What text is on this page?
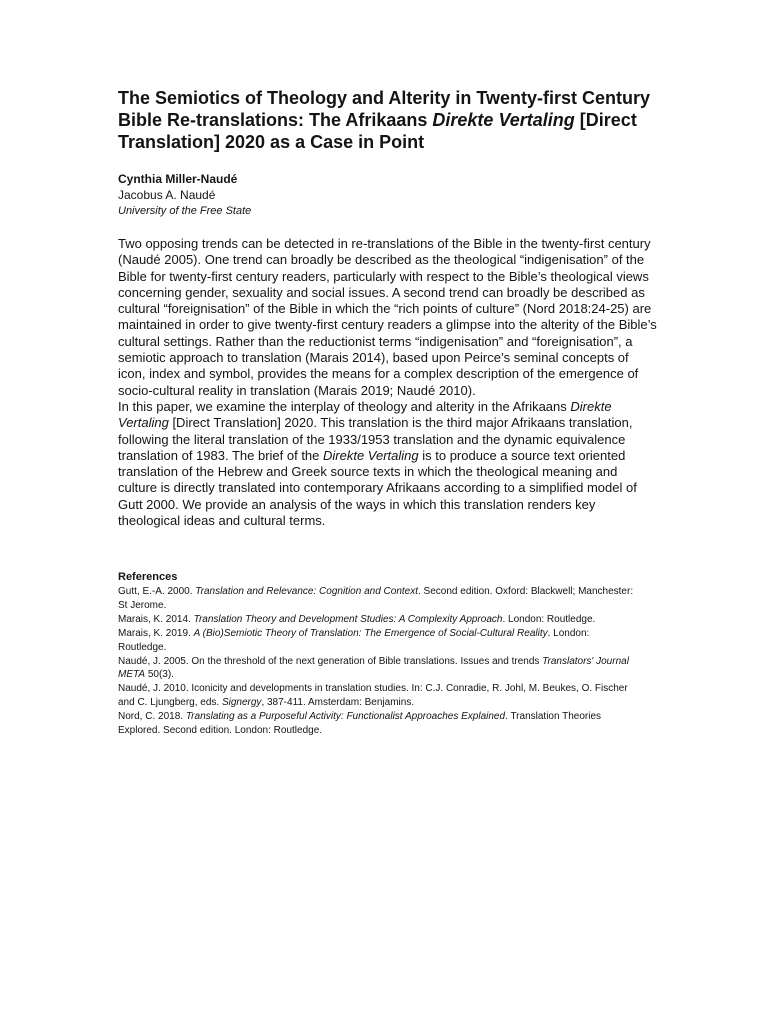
The Semiotics of Theology and Alterity in Twenty-first Century Bible Re-translations: The Afrikaans Direkte Vertaling [Direct Translation] 2020 as a Case in Point

Cynthia Miller-Naudé

Jacobus A. Naudé

University of the Free State

Two opposing trends can be detected in re-translations of the Bible in the twenty-first century (Naudé 2005). One trend can broadly be described as the theological “indigenisation” of the Bible for twenty-first century readers, particularly with respect to the Bible’s theological views concerning gender, sexuality and social issues. A second trend can broadly be described as cultural “foreignisation” of the Bible in which the “rich points of culture” (Nord 2018:24-25) are maintained in order to give twenty-first century readers a glimpse into the alterity of the Bible’s cultural settings. Rather than the reductionist terms “indigenisation” and “foreignisation”, a semiotic approach to translation (Marais 2014), based upon Peirce’s seminal concepts of icon, index and symbol, provides the means for a complex description of the emergence of socio-cultural reality in translation (Marais 2019; Naudé 2010).

In this paper, we examine the interplay of theology and alterity in the Afrikaans Direkte Vertaling [Direct Translation] 2020. This translation is the third major Afrikaans translation, following the literal translation of the 1933/1953 translation and the dynamic equivalence translation of 1983. The brief of the Direkte Vertaling is to produce a source text oriented translation of the Hebrew and Greek source texts in which the theological meaning and culture is directly translated into contemporary Afrikaans according to a simplified model of Gutt 2000. We provide an analysis of the ways in which this translation renders key theological ideas and cultural terms.

References
Gutt, E.-A. 2000. Translation and Relevance: Cognition and Context. Second edition. Oxford: Blackwell; Manchester: St Jerome.
Marais, K. 2014. Translation Theory and Development Studies: A Complexity Approach. London: Routledge.
Marais, K. 2019. A (Bio)Semiotic Theory of Translation: The Emergence of Social-Cultural Reality. London: Routledge.
Naudé, J. 2005. On the threshold of the next generation of Bible translations. Issues and trends Translators' Journal META 50(3).
Naudé, J. 2010. Iconicity and developments in translation studies. In: C.J. Conradie, R. Johl, M. Beukes, O. Fischer and C. Ljungberg, eds. Signergy, 387-411. Amsterdam: Benjamins.
Nord, C. 2018. Translating as a Purposeful Activity: Functionalist Approaches Explained. Translation Theories Explored. Second edition. London: Routledge.
